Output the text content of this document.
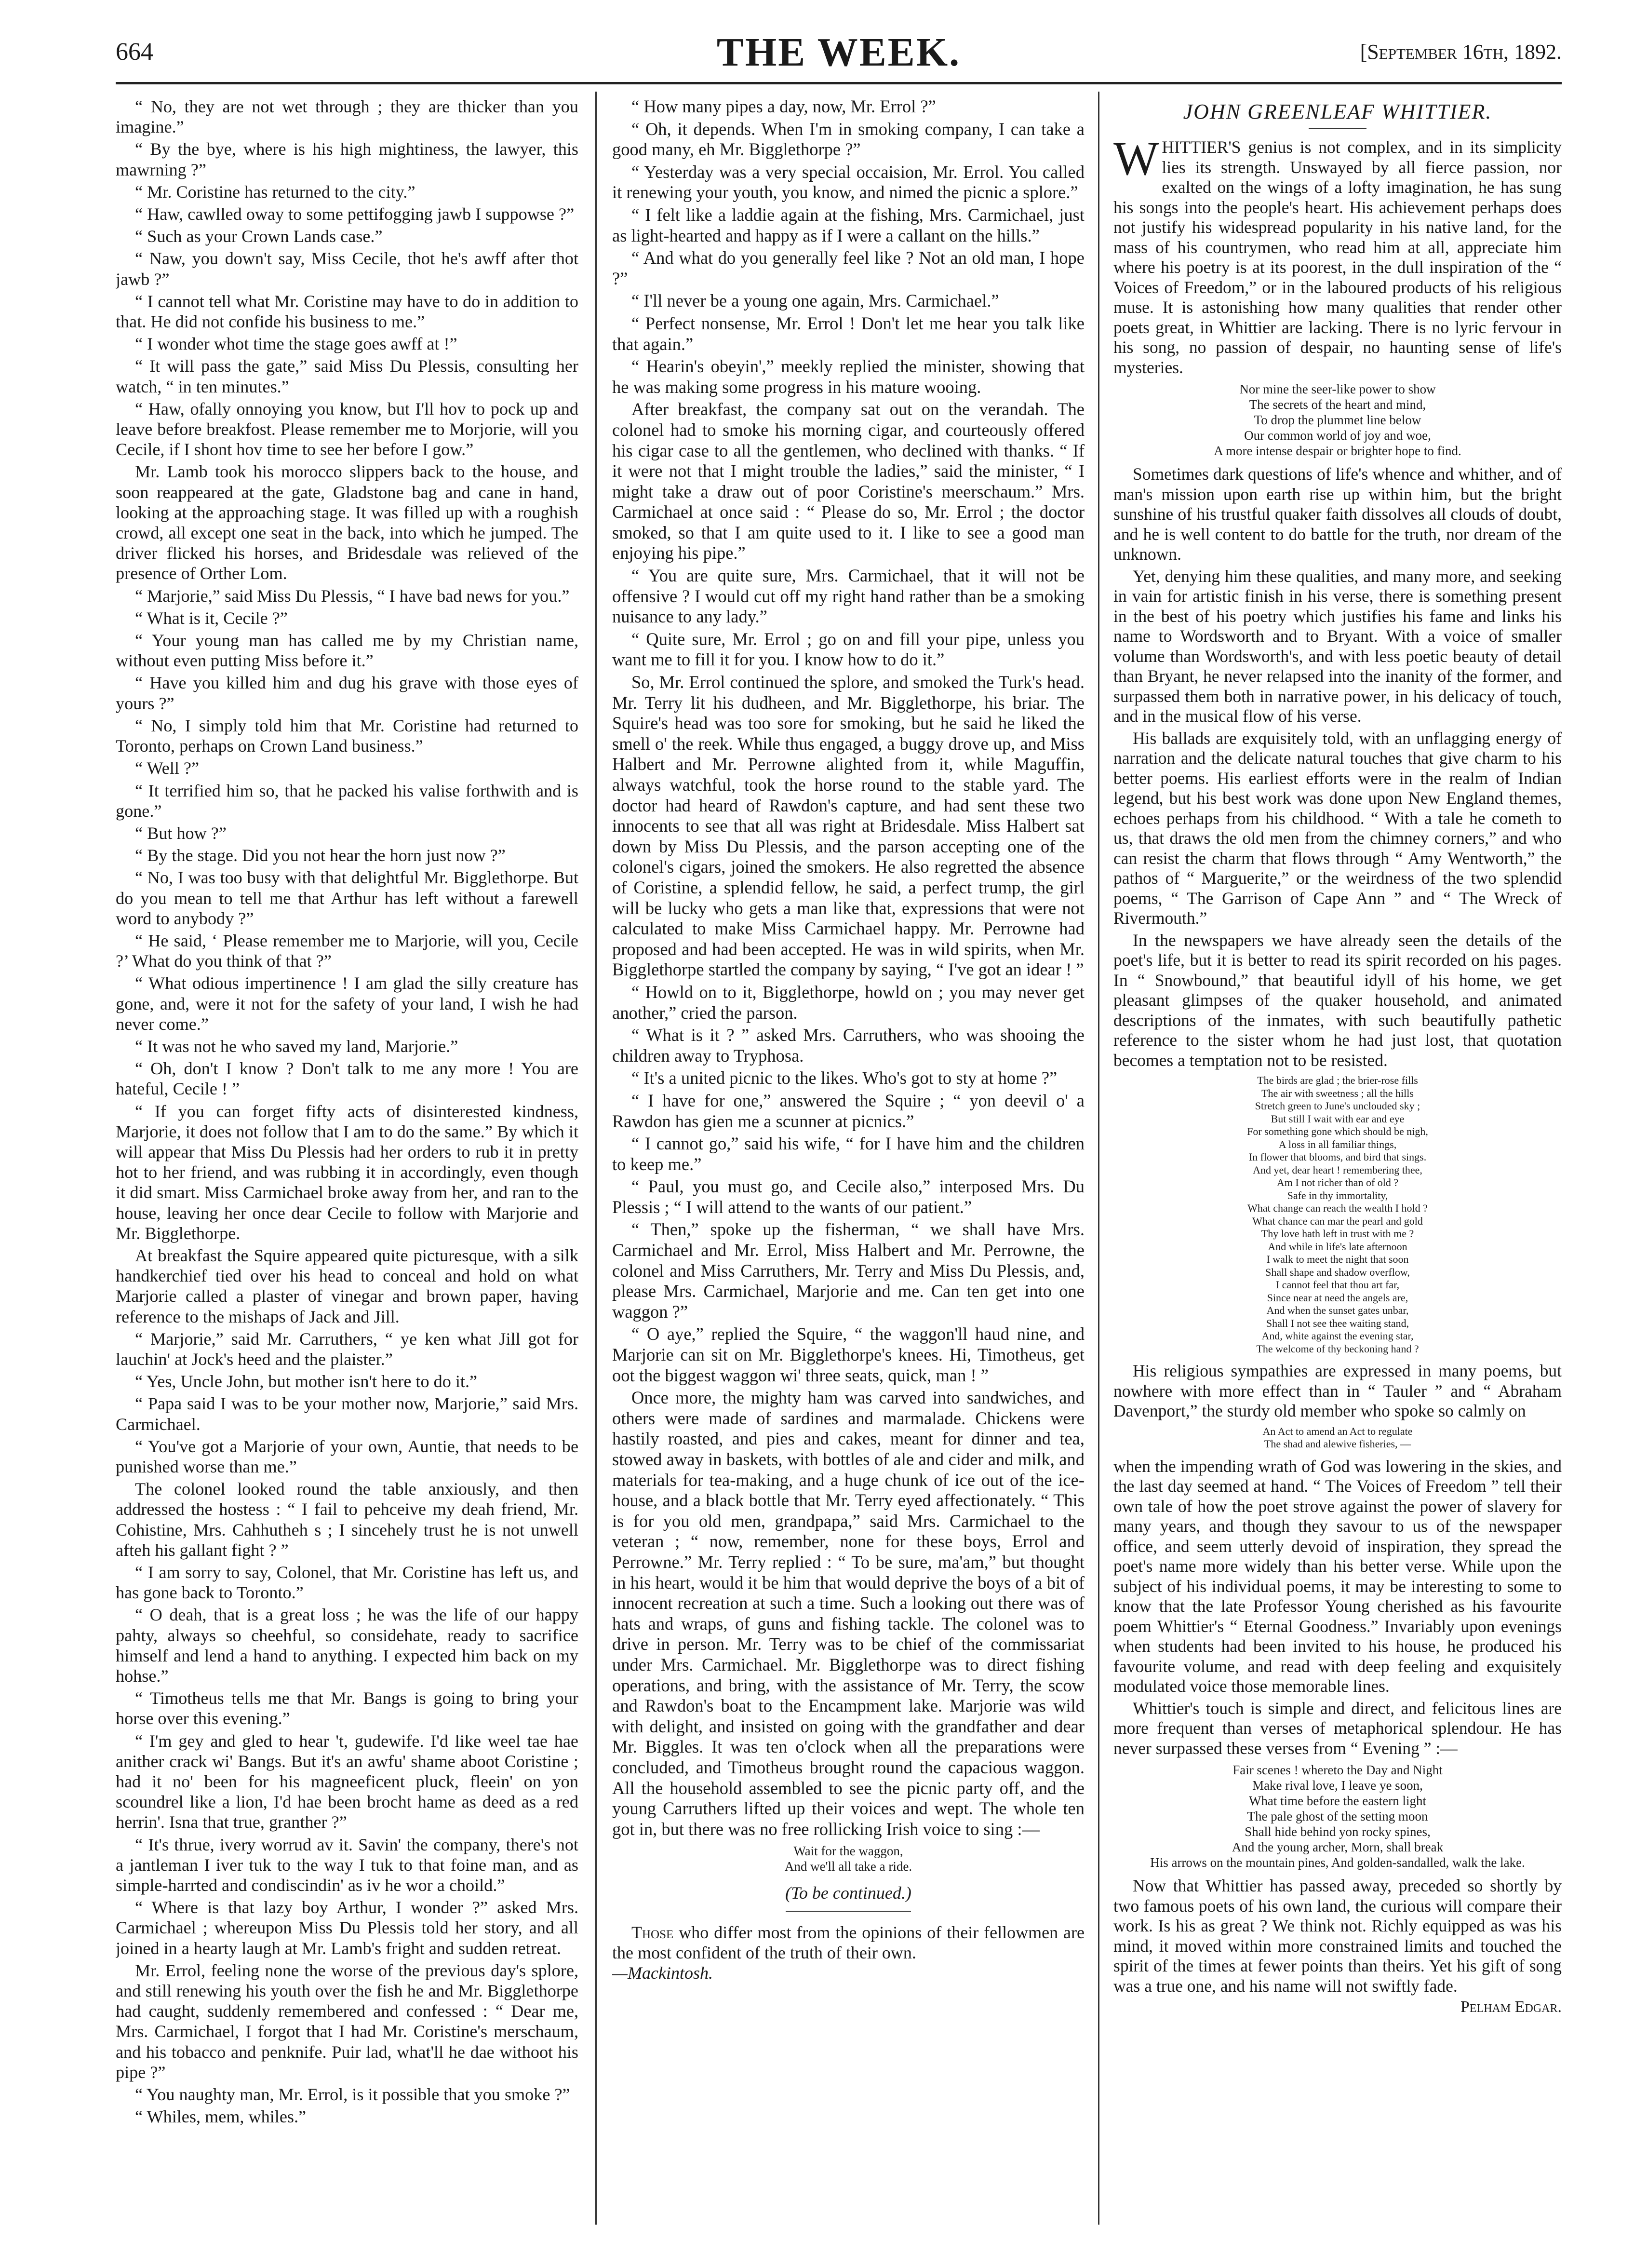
664	THE WEEK.	[September 16th, 1892.

“ No, they are not wet through ; they are thicker than you imagine.”

“ By the bye, where is his high mightiness, the lawyer, this mawrning ?”

“ Mr. Coristine has returned to the city.”

“ Haw, cawlled oway to some pettifogging jawb I suppowse ?”

“ Such as your Crown Lands case.”

“ Naw, you down't say, Miss Cecile, thot he's awff after thot jawb ?”

“ I cannot tell what Mr. Coristine may have to do in addition to that. He did not confide his business to me.”

“ I wonder whot time the stage goes awff at !”

“ It will pass the gate,” said Miss Du Plessis, consulting her watch, “ in ten minutes.”

“ Haw, ofally onnoying you know, but I'll hov to pock up and leave before breakfost. Please remember me to Morjorie, will you Cecile, if I shont hov time to see her before I gow.”

Mr. Lamb took his morocco slippers back to the house, and soon reappeared at the gate, Gladstone bag and cane in hand, looking at the approaching stage. It was filled up with a roughish crowd, all except one seat in the back, into which he jumped. The driver flicked his horses, and Bridesdale was relieved of the presence of Orther Lom.

“ Marjorie,” said Miss Du Plessis, “ I have bad news for you.”

“ What is it, Cecile ?”

“ Your young man has called me by my Christian name, without even putting Miss before it.”

“ Have you killed him and dug his grave with those eyes of yours ?”

“ No, I simply told him that Mr. Coristine had returned to Toronto, perhaps on Crown Land business.”

“ Well ?”

“ It terrified him so, that he packed his valise forthwith and is gone.”

“ But how ?”

“ By the stage. Did you not hear the horn just now ?”

“ No, I was too busy with that delightful Mr. Bigglethorpe. But do you mean to tell me that Arthur has left without a farewell word to anybody ?”

“ He said, ‘ Please remember me to Marjorie, will you, Cecile ?’ What do you think of that ?”

“ What odious impertinence ! I am glad the silly creature has gone, and, were it not for the safety of your land, I wish he had never come.”

“ It was not he who saved my land, Marjorie.”

“ Oh, don't I know ? Don't talk to me any more ! You are hateful, Cecile ! ”

“ If you can forget fifty acts of disinterested kindness, Marjorie, it does not follow that I am to do the same.” By which it will appear that Miss Du Plessis had her orders to rub it in pretty hot to her friend, and was rubbing it in accordingly, even though it did smart. Miss Carmichael broke away from her, and ran to the house, leaving her once dear Cecile to follow with Marjorie and Mr. Bigglethorpe.

At breakfast the Squire appeared quite picturesque, with a silk handkerchief tied over his head to conceal and hold on what Marjorie called a plaster of vinegar and brown paper, having reference to the mishaps of Jack and Jill.

“ Marjorie,” said Mr. Carruthers, “ ye ken what Jill got for lauchin' at Jock's heed and the plaister.”

“ Yes, Uncle John, but mother isn't here to do it.”

“ Papa said I was to be your mother now, Marjorie,” said Mrs. Carmichael.

“ You've got a Marjorie of your own, Auntie, that needs to be punished worse than me.”

The colonel looked round the table anxiously, and then addressed the hostess : “ I fail to pehceive my deah friend, Mr. Cohistine, Mrs. Cahhutheh s ; I sincehely trust he is not unwell afteh his gallant fight ? ”

“ I am sorry to say, Colonel, that Mr. Coristine has left us, and has gone back to Toronto.”

“ O deah, that is a great loss ; he was the life of our happy pahty, always so cheehful, so considehate, ready to sacrifice himself and lend a hand to anything. I expected him back on my hohse.”

“ Timotheus tells me that Mr. Bangs is going to bring your horse over this evening.”

“ I'm gey and gled to hear 't, gudewife. I'd like weel tae hae anither crack wi' Bangs. But it's an awfu' shame aboot Coristine ; had it no' been for his magneeficent pluck, fleein' on yon scoundrel like a lion, I'd hae been brocht hame as deed as a red herrin'. Isna that true, granther ?”

“ It's thrue, ivery worrud av it. Savin' the company, there's not a jantleman I iver tuk to the way I tuk to that foine man, and as simple-harrted and condiscindin' as iv he wor a choild.”

“ Where is that lazy boy Arthur, I wonder ?” asked Mrs. Carmichael ; whereupon Miss Du Plessis told her story, and all joined in a hearty laugh at Mr. Lamb's fright and sudden retreat.

Mr. Errol, feeling none the worse of the previous day's splore, and still renewing his youth over the fish he and Mr. Bigglethorpe had caught, suddenly remembered and confessed : “ Dear me, Mrs. Carmichael, I forgot that I had Mr. Coristine's merschaum, and his tobacco and penknife. Puir lad, what'll he dae withoot his pipe ?”

“ You naughty man, Mr. Errol, is it possible that you smoke ?”

“ Whiles, mem, whiles.”

“ How many pipes a day, now, Mr. Errol ?”

“ Oh, it depends. When I'm in smoking company, I can take a good many, eh Mr. Bigglethorpe ?”

“ Yesterday was a very special occaision, Mr. Errol. You called it renewing your youth, you know, and nimed the picnic a splore.”

“ I felt like a laddie again at the fishing, Mrs. Carmichael, just as light-hearted and happy as if I were a callant on the hills.”

“ And what do you generally feel like ? Not an old man, I hope ?”

“ I'll never be a young one again, Mrs. Carmichael.”

“ Perfect nonsense, Mr. Errol ! Don't let me hear you talk like that again.”

“ Hearin's obeyin',” meekly replied the minister, showing that he was making some progress in his mature wooing.

After breakfast, the company sat out on the verandah. The colonel had to smoke his morning cigar, and courteously offered his cigar case to all the gentlemen, who declined with thanks. “ If it were not that I might trouble the ladies,” said the minister, “ I might take a draw out of poor Coristine's meerschaum.” Mrs. Carmichael at once said : “ Please do so, Mr. Errol ; the doctor smoked, so that I am quite used to it. I like to see a good man enjoying his pipe.”

“ You are quite sure, Mrs. Carmichael, that it will not be offensive ? I would cut off my right hand rather than be a smoking nuisance to any lady.”

“ Quite sure, Mr. Errol ; go on and fill your pipe, unless you want me to fill it for you. I know how to do it.”

So, Mr. Errol continued the splore, and smoked the Turk's head. Mr. Terry lit his dudheen, and Mr. Bigglethorpe, his briar. The Squire's head was too sore for smoking, but he said he liked the smell o' the reek. While thus engaged, a buggy drove up, and Miss Halbert and Mr. Perrowne alighted from it, while Maguffin, always watchful, took the horse round to the stable yard. The doctor had heard of Rawdon's capture, and had sent these two innocents to see that all was right at Bridesdale. Miss Halbert sat down by Miss Du Plessis, and the parson accepting one of the colonel's cigars, joined the smokers. He also regretted the absence of Coristine, a splendid fellow, he said, a perfect trump, the girl will be lucky who gets a man like that, expressions that were not calculated to make Miss Carmichael happy. Mr. Perrowne had proposed and had been accepted. He was in wild spirits, when Mr. Bigglethorpe startled the company by saying, “ I've got an idear ! ”

“ Howld on to it, Bigglethorpe, howld on ; you may never get another,” cried the parson.

“ What is it ? ” asked Mrs. Carruthers, who was shooing the children away to Tryphosa.

“ It's a united picnic to the likes. Who's got to sty at home ?”

“ I have for one,” answered the Squire ; “ yon deevil o' a Rawdon has gien me a scunner at picnics.”

“ I cannot go,” said his wife, “ for I have him and the children to keep me.”

“ Paul, you must go, and Cecile also,” interposed Mrs. Du Plessis ; “ I will attend to the wants of our patient.”

“ Then,” spoke up the fisherman, “ we shall have Mrs. Carmichael and Mr. Errol, Miss Halbert and Mr. Perrowne, the colonel and Miss Carruthers, Mr. Terry and Miss Du Plessis, and, please Mrs. Carmichael, Marjorie and me. Can ten get into one waggon ?”

“ O aye,” replied the Squire, “ the waggon'll haud nine, and Marjorie can sit on Mr. Bigglethorpe's knees. Hi, Timotheus, get oot the biggest waggon wi' three seats, quick, man ! ”

Once more, the mighty ham was carved into sandwiches, and others were made of sardines and marmalade. Chickens were hastily roasted, and pies and cakes, meant for dinner and tea, stowed away in baskets, with bottles of ale and cider and milk, and materials for tea-making, and a huge chunk of ice out of the ice-house, and a black bottle that Mr. Terry eyed affectionately. “ This is for you old men, grandpapa,” said Mrs. Carmichael to the veteran ; “ now, remember, none for these boys, Errol and Perrowne.” Mr. Terry replied : “ To be sure, ma'am,” but thought in his heart, would it be him that would deprive the boys of a bit of innocent recreation at such a time. Such a looking out there was of hats and wraps, of guns and fishing tackle. The colonel was to drive in person. Mr. Terry was to be chief of the commissariat under Mrs. Carmichael. Mr. Bigglethorpe was to direct fishing operations, and bring, with the assistance of Mr. Terry, the scow and Rawdon's boat to the Encampment lake. Marjorie was wild with delight, and insisted on going with the grandfather and dear Mr. Biggles. It was ten o'clock when all the preparations were concluded, and Timotheus brought round the capacious waggon. All the household assembled to see the picnic party off, and the young Carruthers lifted up their voices and wept. The whole ten got in, but there was no free rollicking Irish voice to sing :—

Wait for the waggon,
And we'll all take a ride.
(To be continued.)
Those who differ most from the opinions of their fellowmen are the most confident of the truth of their own.
—Mackintosh.
JOHN GREENLEAF WHITTIER.

WHITTIER'S genius is not complex, and in its simplicity lies its strength. Unswayed by all fierce passion, nor exalted on the wings of a lofty imagination, he has sung his songs into the people's heart. His achievement perhaps does not justify his widespread popularity in his native land, for the mass of his countrymen, who read him at all, appreciate him where his poetry is at its poorest, in the dull inspiration of the “ Voices of Freedom,” or in the laboured products of his religious muse. It is astonishing how many qualities that render other poets great, in Whittier are lacking. There is no lyric fervour in his song, no passion of despair, no haunting sense of life's mysteries.

Nor mine the seer-like power to show
The secrets of the heart and mind,
To drop the plummet line below
Our common world of joy and woe,
A more intense despair or brighter hope to find.

Sometimes dark questions of life's whence and whither, and of man's mission upon earth rise up within him, but the bright sunshine of his trustful quaker faith dissolves all clouds of doubt, and he is well content to do battle for the truth, nor dream of the unknown.

Yet, denying him these qualities, and many more, and seeking in vain for artistic finish in his verse, there is something present in the best of his poetry which justifies his fame and links his name to Wordsworth and to Bryant. With a voice of smaller volume than Wordsworth's, and with less poetic beauty of detail than Bryant, he never relapsed into the inanity of the former, and surpassed them both in narrative power, in his delicacy of touch, and in the musical flow of his verse.

His ballads are exquisitely told, with an unflagging energy of narration and the delicate natural touches that give charm to his better poems. His earliest efforts were in the realm of Indian legend, but his best work was done upon New England themes, echoes perhaps from his childhood. “ With a tale he cometh to us, that draws the old men from the chimney corners,” and who can resist the charm that flows through “ Amy Wentworth,” the pathos of “ Marguerite,” or the weirdness of the two splendid poems, “ The Garrison of Cape Ann ” and “ The Wreck of Rivermouth.”

In the newspapers we have already seen the details of the poet's life, but it is better to read its spirit recorded on his pages. In “ Snowbound,” that beautiful idyll of his home, we get pleasant glimpses of the quaker household, and animated descriptions of the inmates, with such beautifully pathetic reference to the sister whom he had just lost, that quotation becomes a temptation not to be resisted.

The birds are glad ; the brier-rose fills
The air with sweetness ; all the hills
Stretch green to June's unclouded sky ;
But still I wait with ear and eye
For something gone which should be nigh,
A loss in all familiar things,
In flower that blooms, and bird that sings.
And yet, dear heart ! remembering thee,
Am I not richer than of old ?
Safe in thy immortality,
What change can reach the wealth I hold ?
What chance can mar the pearl and gold
Thy love hath left in trust with me ?
And while in life's late afternoon
I walk to meet the night that soon
Shall shape and shadow overflow,
I cannot feel that thou art far,
Since near at need the angels are,
And when the sunset gates unbar,
Shall I not see thee waiting stand,
And, white against the evening star,
The welcome of thy beckoning hand ?

His religious sympathies are expressed in many poems, but nowhere with more effect than in “ Tauler ” and “ Abraham Davenport,” the sturdy old member who spoke so calmly on

An Act to amend an Act to regulate
The shad and alewive fisheries, —

when the impending wrath of God was lowering in the skies, and the last day seemed at hand. “ The Voices of Freedom ” tell their own tale of how the poet strove against the power of slavery for many years, and though they savour to us of the newspaper office, and seem utterly devoid of inspiration, they spread the poet's name more widely than his better verse. While upon the subject of his individual poems, it may be interesting to some to know that the late Professor Young cherished as his favourite poem Whittier's “ Eternal Goodness.” Invariably upon evenings when students had been invited to his house, he produced his favourite volume, and read with deep feeling and exquisitely modulated voice those memorable lines.

Whittier's touch is simple and direct, and felicitous lines are more frequent than verses of metaphorical splendour. He has never surpassed these verses from “ Evening ” :—

Fair scenes ! whereto the Day and Night
Make rival love, I leave ye soon,
What time before the eastern light
The pale ghost of the setting moon
Shall hide behind yon rocky spines,
And the young archer, Morn, shall break
His arrows on the mountain pines, And golden-sandalled, walk the lake.

Now that Whittier has passed away, preceded so shortly by two famous poets of his own land, the curious will compare their work. Is his as great ? We think not. Richly equipped as was his mind, it moved within more constrained limits and touched the spirit of the times at fewer points than theirs. Yet his gift of song was a true one, and his name will not swiftly fade.

Pelham Edgar.
